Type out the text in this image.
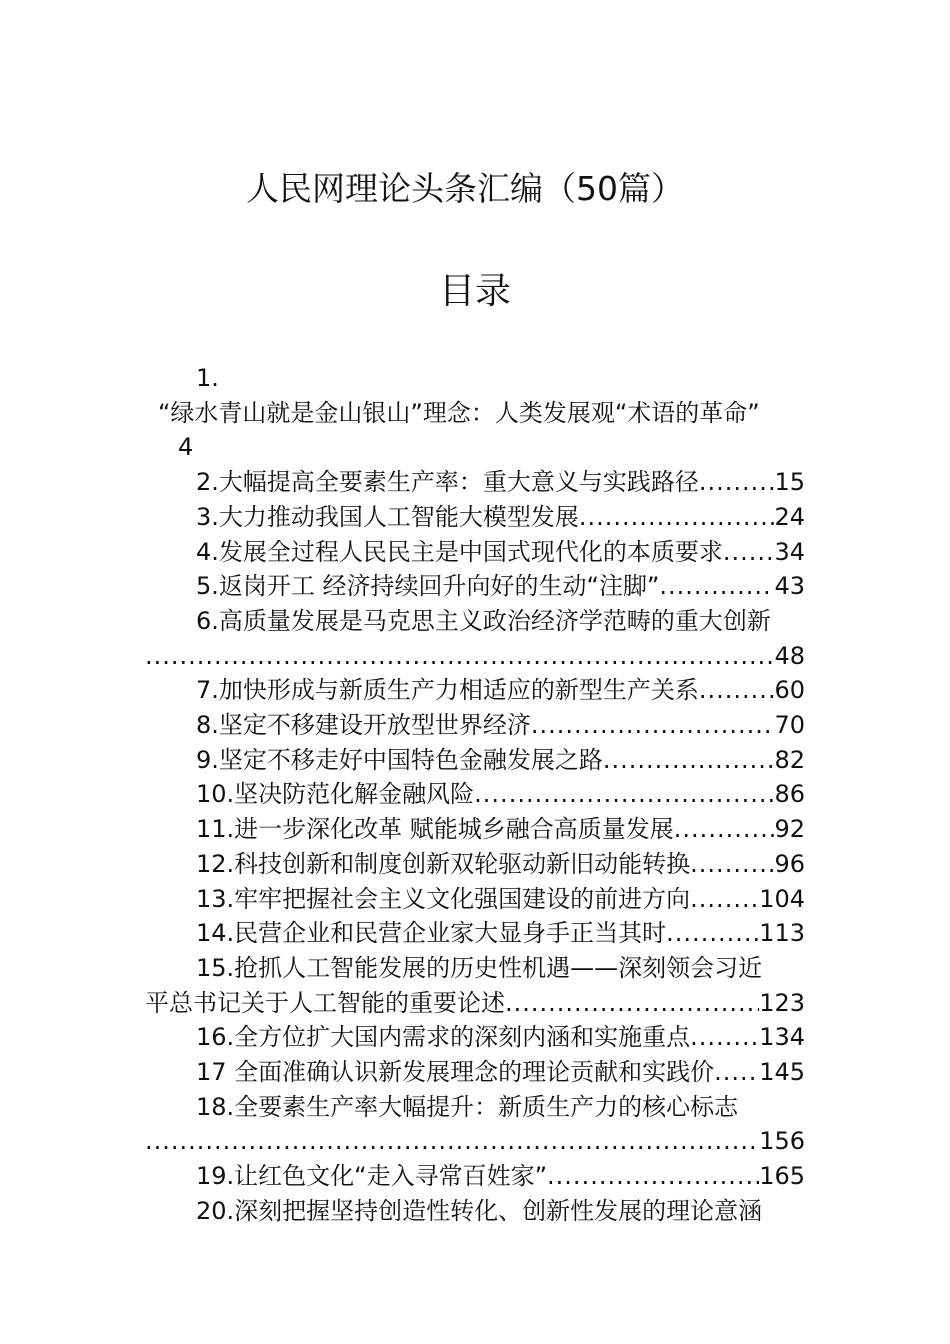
人民网理论头条汇编（50篇）
目录
1.
“绿水青山就是金山银山”理念：人类发展观“术语的革命”
4
2.大幅提高全要素生产率：重大意义与实践路径 .....	15
3.大力推动我国人工智能大模型发展 .....	24
4.发展全过程人民民主是中国式现代化的本质要求 ..... 34
5.返岗开工 经济持续回升向好的生动“注脚” .....	43
6.高质量发展是马克思主义政治经济学范畴的重大创新
.....
48
7.加快形成与新质生产力相适应的新型生产关系 .....	60
8.坚定不移建设开放型世界经济 .....	70
9.坚定不移走好中国特色金融发展之路 .....	82
10.坚决防范化解金融风险 .....	86
11.进一步深化改革 赋能城乡融合高质量发展 .....	92
12.科技创新和制度创新双轮驱动新旧动能转换 .....	96
13.牢牢把握社会主义文化强国建设的前进方向 .....	104
14.民营企业和民营企业家大显身手正当其时 .....	113
15.抢抓人工智能发展的历史性机遇——深刻领会习近
平总书记关于人工智能的重要论述 .....	123
16.全方位扩大国内需求的深刻内涵和实施重点 .....	134
17 全面准确认识新发展理念的理论贡献和实践价 ..... 145
18.全要素生产率大幅提升：新质生产力的核心标志
.....
156
19.让红色文化“走入寻常百姓家” .....	165
20.深刻把握坚持创造性转化、创新性发展的理论意涵
